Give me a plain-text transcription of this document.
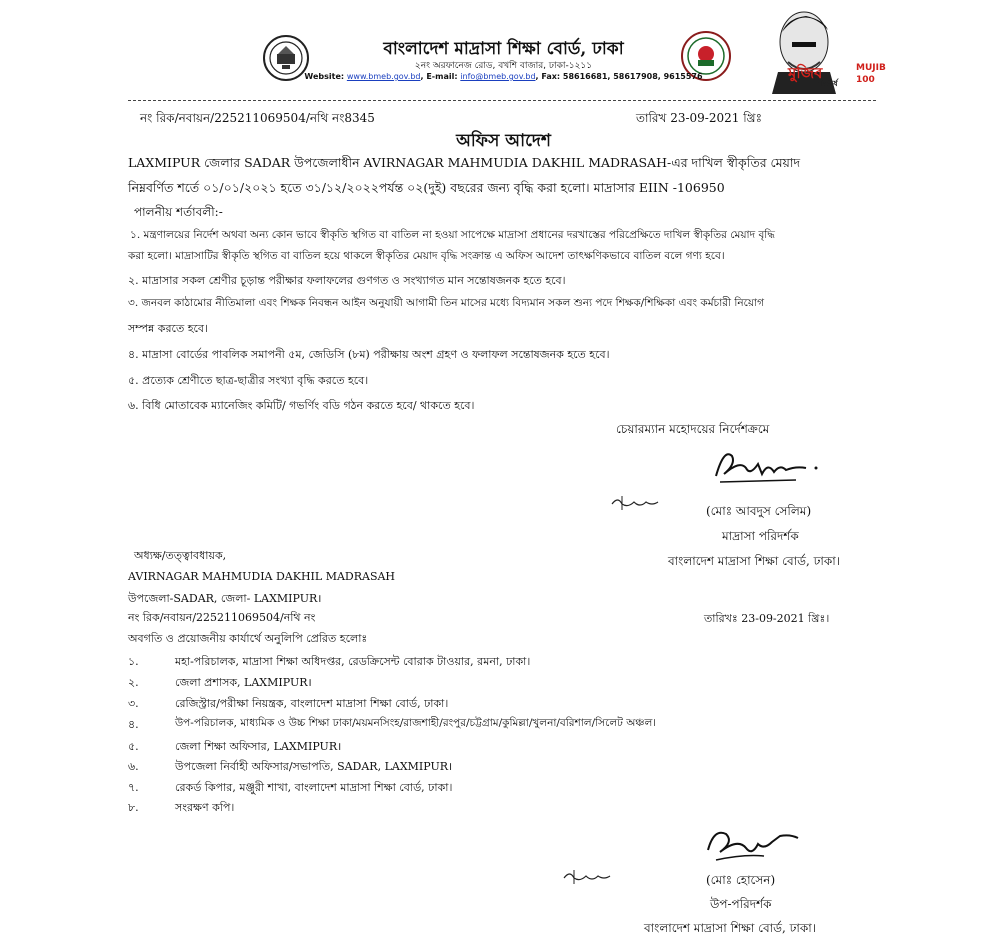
মুজিব
শতবর্ষ
MUJIB 100
বাংলাদেশ মাদ্রাসা শিক্ষা বোর্ড, ঢাকা
২নং অরফানেজ রোড, বখশি বাজার, ঢাকা-১২১১
Website: www.bmeb.gov.bd, E-mail: info@bmeb.gov.bd, Fax: 58616681, 58617908, 9615576
নং রিক/নবায়ন/225211069504/নথি নং8345	তারিখ 23-09-2021 খ্রিঃ
অফিস আদেশ
LAXMIPUR জেলার SADAR উপজেলাধীন AVIRNAGAR MAHMUDIA DAKHIL MADRASAH-এর দাখিল স্বীকৃতির মেয়াদ
নিম্নবর্ণিত শর্তে ০১/০১/২০২১ হতে ৩১/১২/২০২২পর্যন্ত ০২(দুই) বছরের জন্য বৃদ্ধি করা হলো। মাদ্রাসার EIIN -106950
পালনীয় শর্তাবলী:-
১. মন্ত্রণালয়ের নির্দেশ অথবা অন্য কোন ভাবে স্বীকৃতি স্থগিত বা বাতিল না হওয়া সাপেক্ষে মাদ্রাসা প্রধানের দরখাস্তের পরিপ্রেক্ষিতে দাখিল স্বীকৃতির মেয়াদ বৃদ্ধি
করা হলো। মাদ্রাসাটির স্বীকৃতি স্থগিত বা বাতিল হয়ে থাকলে স্বীকৃতির মেয়াদ বৃদ্ধি সংক্রান্ত এ অফিস আদেশ তাৎক্ষণিকভাবে বাতিল বলে গণ্য হবে।
২. মাদ্রাসার সকল শ্রেণীর চূড়ান্ত পরীক্ষার ফলাফলের গুণগত ও সংখ্যাগত মান সন্তোষজনক হতে হবে।
৩. জনবল কাঠামোর নীতিমালা এবং শিক্ষক নিবন্ধন আইন অনুযায়ী আগামী তিন মাসের মধ্যে বিদ্যমান সকল শুন্য পদে শিক্ষক/শিক্ষিকা এবং কর্মচারী নিয়োগ
সম্পন্ন করতে হবে।
৪. মাদ্রাসা বোর্ডের পাবলিক সমাপনী ৫ম, জেডিসি (৮ম) পরীক্ষায় অংশ গ্রহণ ও ফলাফল সন্তোষজনক হতে হবে।
৫. প্রত্যেক শ্রেণীতে ছাত্র-ছাত্রীর সংখ্যা বৃদ্ধি করতে হবে।
৬. বিধি মোতাবেক ম্যানেজিং কমিটি/ গভর্ণিং বডি গঠন করতে হবে/ থাকতে হবে।
চেয়ারম্যান মহোদয়ের নির্দেশক্রমে
(মোঃ আবদুস সেলিম)
মাদ্রাসা পরিদর্শক
বাংলাদেশ মাদ্রাসা শিক্ষা বোর্ড, ঢাকা।
অধ্যক্ষ/তত্ত্বাবধায়ক,
AVIRNAGAR MAHMUDIA DAKHIL MADRASAH
উপজেলা-SADAR, জেলা- LAXMIPUR।
নং রিক/নবায়ন/225211069504/নথি নং	তারিখঃ 23-09-2021 খ্রিঃ।
অবগতি ও প্রয়োজনীয় কার্যার্থে অনুলিপি প্রেরিত হলোঃ
১.	মহা-পরিচালক, মাদ্রাসা শিক্ষা অধিদপ্তর, রেডক্রিসেন্ট বোরাক টাওয়ার, রমনা, ঢাকা।
২.	জেলা প্রশাসক, LAXMIPUR।
৩.	রেজিস্ট্রার/পরীক্ষা নিয়ন্ত্রক, বাংলাদেশ মাদ্রাসা শিক্ষা বোর্ড, ঢাকা।
৪.	উপ-পরিচালক, মাধ্যমিক ও উচ্চ শিক্ষা ঢাকা/ময়মনসিংহ/রাজশাহী/রংপুর/চট্টগ্রাম/কুমিল্লা/খুলনা/বরিশাল/সিলেট অঞ্চল।
৫.	জেলা শিক্ষা অফিসার, LAXMIPUR।
৬.	উপজেলা নির্বাহী অফিসার/সভাপতি, SADAR, LAXMIPUR।
৭.	রেকর্ড কিপার, মঞ্জুরী শাখা, বাংলাদেশ মাদ্রাসা শিক্ষা বোর্ড, ঢাকা।
৮.	সংরক্ষণ কপি।
(মোঃ হোসেন)
উপ-পরিদর্শক
বাংলাদেশ মাদ্রাসা শিক্ষা বোর্ড, ঢাকা।
